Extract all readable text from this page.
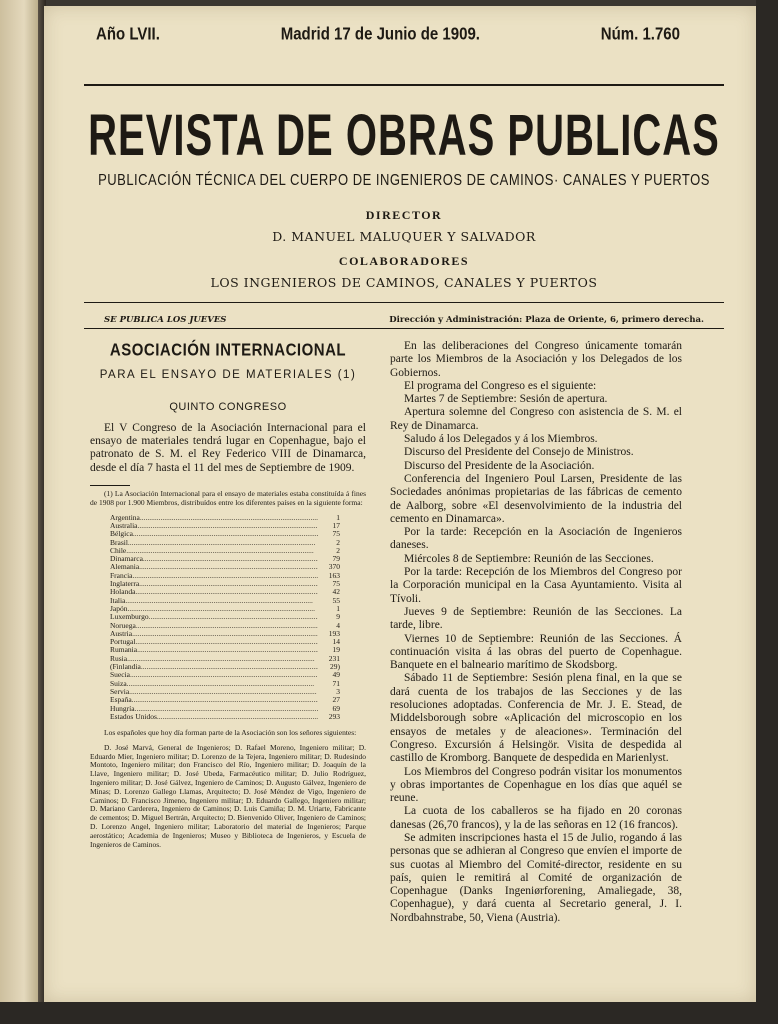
Año LVII.	Madrid 17 de Junio de 1909.	Núm. 1.760
REVISTA DE OBRAS PUBLICAS
PUBLICACIÓN TÉCNICA DEL CUERPO DE INGENIEROS DE CAMINOS· CANALES Y PUERTOS
DIRECTOR
D. MANUEL MALUQUER Y SALVADOR
COLABORADORES
LOS INGENIEROS DE CAMINOS, CANALES Y PUERTOS
SE PUBLICA LOS JUEVES	Dirección y Administración: Plaza de Oriente, 6, primero derecha.
ASOCIACIÓN INTERNACIONAL
PARA EL ENSAYO DE MATERIALES (1)
QUINTO CONGRESO

El V Congreso de la Asociación Internacional para el ensayo de materiales tendrá lugar en Copenhague, bajo el patronato de S. M. el Rey Federico VIII de Dinamarca, desde el día 7 hasta el 11 del mes de Septiembre de 1909.

(1) La Asociación Internacional para el ensayo de materiales estaba constituída á fines de 1908 por 1.900 Miembros, distribuídos entre los diferentes países en la siguiente forma:

Argentina .....	1
Australia .....	17
Bélgica .....	75
Brasil .....	2
Chile .....	2
Dinamarca .....	79
Alemania .....	370
Francia .....	163
Inglaterra .....	75
Holanda .....	42
Italia .....	55
Japón .....	1
Luxemburgo .....	9
Noruega .....	4
Austria .....	193
Portugal .....	14
Rumania .....	19
Rusia .....	231
(Finlandia .....	29)
Suecia .....	49
Suiza .....	71
Servia .....	3
España .....	27
Hungría .....	69
Estados Unidos .....	293

Los españoles que hoy día forman parte de la Asociación son los señores siguientes:

D. José Marvá, General de Ingenieros; D. Rafael Moreno, Ingeniero militar; D. Eduardo Mier, Ingeniero militar; D. Lorenzo de la Tejera, Ingeniero militar; D. Rudesindo Montoto, Ingeniero militar; don Francisco del Río, Ingeniero militar; D. Joaquín de la Llave, Ingeniero militar; D. José Ubeda, Farmacéutico militar; D. Julio Rodríguez, Ingeniero militar; D. José Gálvez, Ingeniero de Caminos; D. Augusto Gálvez, Ingeniero de Minas; D. Lorenzo Gallego Llamas, Arquitecto; D. José Méndez de Vigo, Ingeniero de Caminos; D. Francisco Jimeno, Ingeniero militar; D. Eduardo Gallego, Ingeniero militar; D. Mariano Carderera, Ingeniero de Caminos; D. Luis Camiña; D. M. Uriarte, Fabricante de cementos; D. Miguel Bertrán, Arquitecto; D. Bienvenido Oliver, Ingeniero de Caminos; D. Lorenzo Angel, Ingeniero militar; Laboratorio del material de Ingenieros; Parque aerostático; Academia de Ingenieros; Museo y Biblioteca de Ingenieros, y Escuela de Ingenieros de Caminos.

En las deliberaciones del Congreso únicamente tomarán parte los Miembros de la Asociación y los Delegados de los Gobiernos.

El programa del Congreso es el siguiente:

Martes 7 de Septiembre: Sesión de apertura.

Apertura solemne del Congreso con asistencia de S. M. el Rey de Dinamarca.

Saludo á los Delegados y á los Miembros.

Discurso del Presidente del Consejo de Ministros.

Discurso del Presidente de la Asociación.

Conferencia del Ingeniero Poul Larsen, Presidente de las Sociedades anónimas propietarias de las fábricas de cemento de Aalborg, sobre «El desenvolvimiento de la industria del cemento en Dinamarca».

Por la tarde: Recepción en la Asociación de Ingenieros daneses.

Miércoles 8 de Septiembre: Reunión de las Secciones.

Por la tarde: Recepción de los Miembros del Congreso por la Corporación municipal en la Casa Ayuntamiento. Visita al Tívoli.

Jueves 9 de Septiembre: Reunión de las Secciones. La tarde, libre.

Viernes 10 de Septiembre: Reunión de las Secciones. Á continuación visita á las obras del puerto de Copenhague. Banquete en el balneario marítimo de Skodsborg.

Sábado 11 de Septiembre: Sesión plena final, en la que se dará cuenta de los trabajos de las Secciones y de las resoluciones adoptadas. Conferencia de Mr. J. E. Stead, de Middelsborough sobre «Aplicación del microscopio en los ensayos de metales y de aleaciones». Terminación del Congreso. Excursión á Helsingör. Visita de despedida al castillo de Kromborg. Banquete de despedida en Marienlyst.

Los Miembros del Congreso podrán visitar los monumentos y obras importantes de Copenhague en los días que aquél se reune.

La cuota de los caballeros se ha fijado en 20 coronas danesas (26,70 francos), y la de las señoras en 12 (16 francos).

Se admiten inscripciones hasta el 15 de Julio, rogando á las personas que se adhieran al Congreso que envíen el importe de sus cuotas al Miembro del Comité-director, residente en su país, quien le remitirá al Comité de organización de Copenhague (Danks Ingeniørforening, Amaliegade, 38, Copenhague), y dará cuenta al Secretario general, J. I. Nordbahnstrabe, 50, Viena (Austria).
